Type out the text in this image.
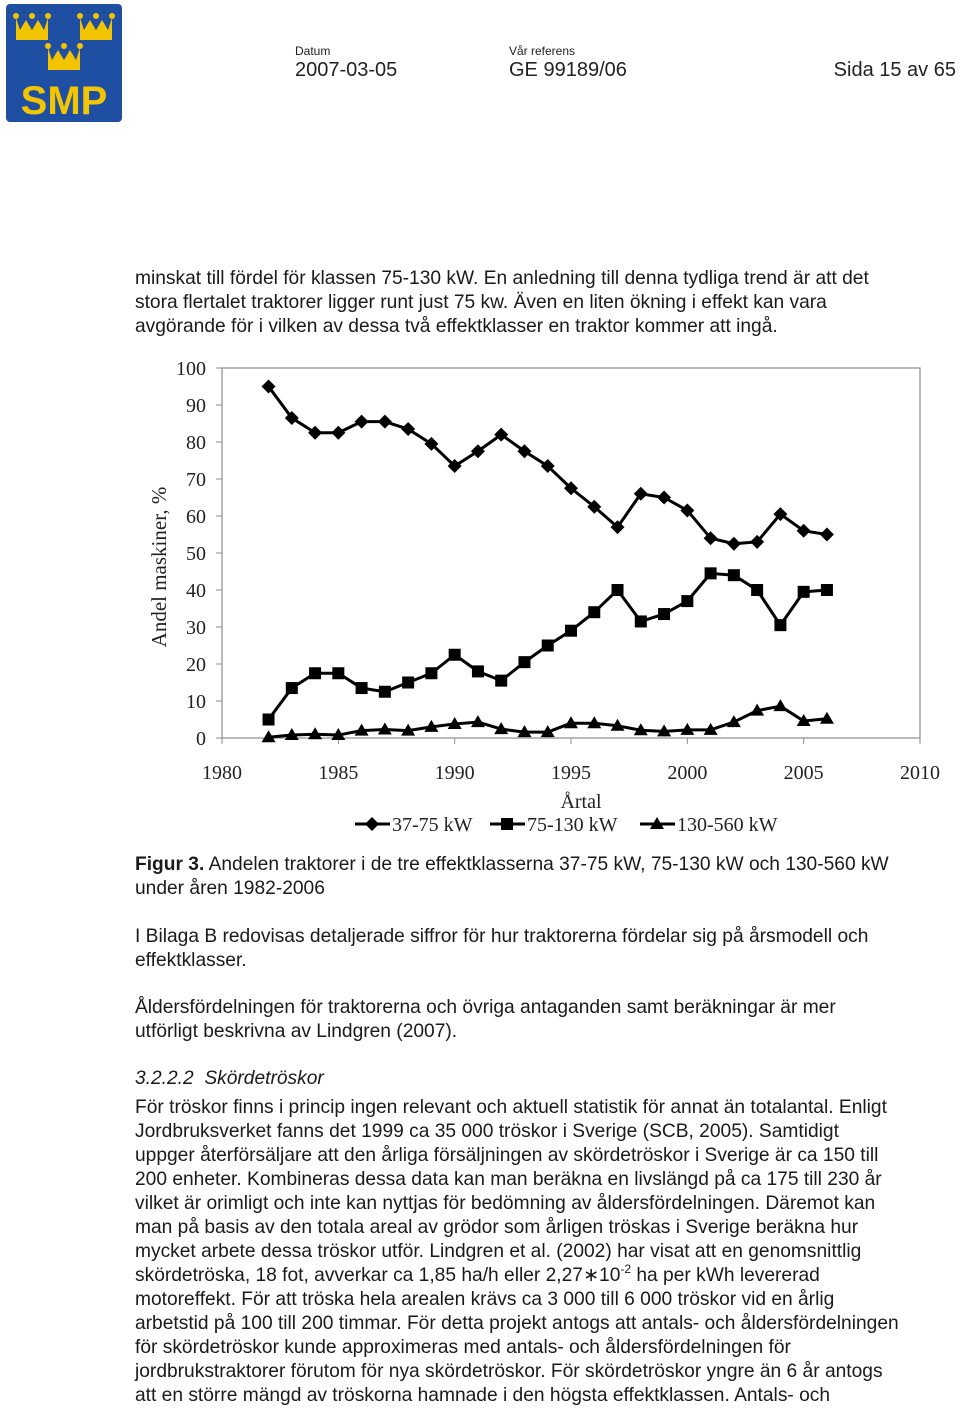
SMP
Datum
2007-03-05
Vår referens
GE 99189/06	Sida 15 av 65

minskat till fördel för klassen 75-130 kW. En anledning till denna tydliga trend är att det
stora flertalet traktorer ligger runt just 75 kw. Även en liten ökning i effekt kan vara
avgörande för i vilken av dessa två effektklasser en traktor kommer att ingå.

0
10
20
30
40
50
60
70
80
90
100
1980	1985	1990	1995	2000	2005	2010
Årtal
Andel maskiner, %
37-75 kW	75-130 kW	130-560 kW

Figur 3. Andelen traktorer i de tre effektklasserna 37-75 kW, 75-130 kW och 130-560 kW
under åren 1982-2006

I Bilaga B redovisas detaljerade siffror för hur traktorerna fördelar sig på årsmodell och
effektklasser.

Åldersfördelningen för traktorerna och övriga antaganden samt beräkningar är mer
utförligt beskrivna av Lindgren (2007).

3.2.2.2 Skördetröskor

För tröskor finns i princip ingen relevant och aktuell statistik för annat än totalantal. Enligt
Jordbruksverket fanns det 1999 ca 35 000 tröskor i Sverige (SCB, 2005). Samtidigt
uppger återförsäljare att den årliga försäljningen av skördetröskor i Sverige är ca 150 till
200 enheter. Kombineras dessa data kan man beräkna en livslängd på ca 175 till 230 år
vilket är orimligt och inte kan nyttjas för bedömning av åldersfördelningen. Däremot kan
man på basis av den totala areal av grödor som årligen tröskas i Sverige beräkna hur
mycket arbete dessa tröskor utför. Lindgren et al. (2002) har visat att en genomsnittlig
skördetröska, 18 fot, avverkar ca 1,85 ha/h eller $2,27∗10^{-2}$ ha per kWh levererad
motoreffekt. För att tröska hela arealen krävs ca 3 000 till 6 000 tröskor vid en årlig
arbetstid på 100 till 200 timmar. För detta projekt antogs att antals- och åldersfördelningen
för skördetröskor kunde approximeras med antals- och åldersfördelningen för
jordbrukstraktorer förutom för nya skördetröskor. För skördetröskor yngre än 6 år antogs
att en större mängd av tröskorna hamnade i den högsta effektklassen. Antals- och
